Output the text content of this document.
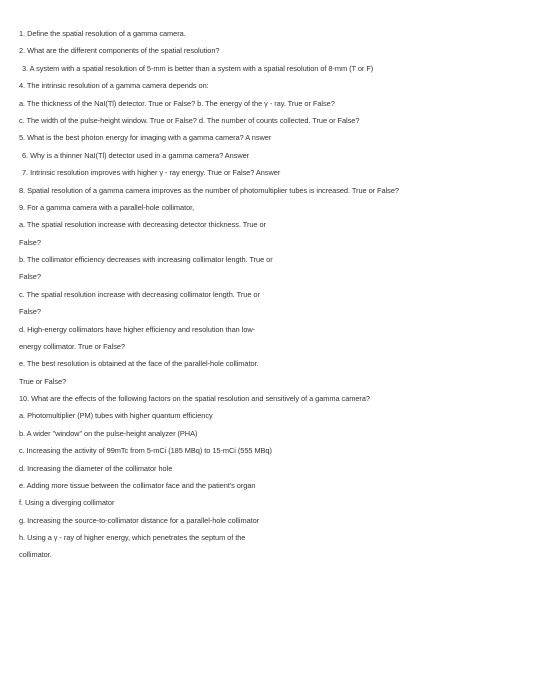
1. Define the spatial resolution of a gamma camera.
2. What are the different components of the spatial resolution?
3. A system with a spatial resolution of 5-mm is better than a system with a spatial resolution of 8-mm (T or F)
4. The intrinsic resolution of a gamma camera depends on:
a. The thickness of the NaI(Tl) detector. True or False? b. The energy of the γ - ray. True or False?
c. The width of the pulse-height window. True or False? d. The number of counts collected. True or False?
5. What is the best photon energy for imaging with a gamma camera? A nswer
6. Why is a thinner NaI(Tl) detector used in a gamma camera? Answer
7. Intrinsic resolution improves with higher γ - ray energy. True or False? Answer
8. Spatial resolution of a gamma camera improves as the number of photomultiplier tubes is increased. True or False?
9. For a gamma camera with a parallel-hole collimator,
a. The spatial resolution increase with decreasing detector thickness. True or
False?
b. The collimator efficiency decreases with increasing collimator length. True or
False?
c. The spatial resolution increase with decreasing collimator length. True or
False?
d. High-energy collimators have higher efficiency and resolution than low-
energy collimator. True or False?
e. The best resolution is obtained at the face of the parallel-hole collimator.
True or False?
10. What are the effects of the following factors on the spatial resolution and sensitively of a gamma camera?
a. Photomultiplier (PM) tubes with higher quantum efficiency
b. A wider "window" on the pulse-height analyzer (PHA)
c. Increasing the activity of 99mTc from 5-mCi (185 MBq) to 15-mCi (555 MBq)
d. Increasing the diameter of the collimator hole
e. Adding more tissue between the collimator face and the patient's organ
f. Using a diverging collimator
g. Increasing the source-to-collimator distance for a parallel-hole collimator
h. Using a γ - ray of higher energy, which penetrates the septum of the
collimator.
